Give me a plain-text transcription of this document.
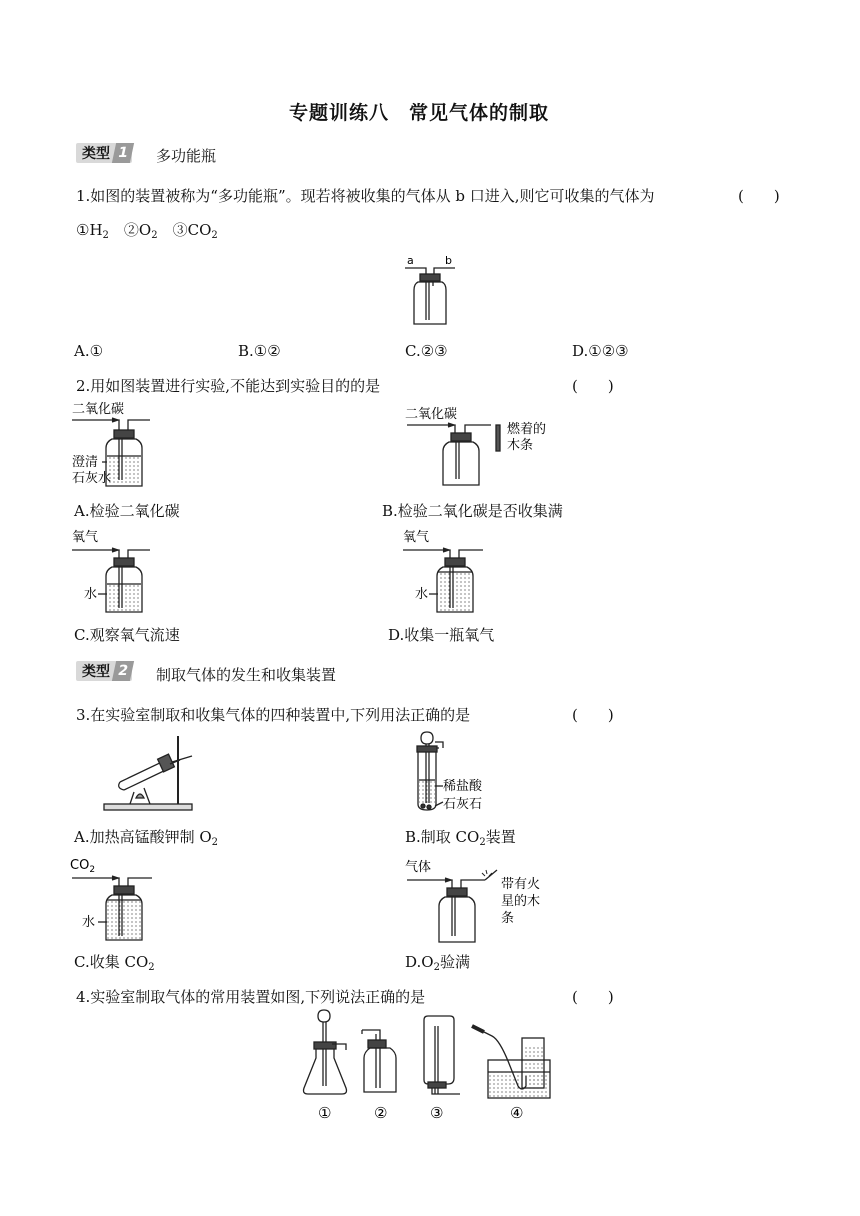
专题训练八　常见气体的制取
类型 1	多功能瓶
1.如图的装置被称为“多功能瓶”。现若将被收集的气体从 b 口进入,则它可收集的气体为	(　　)
$①H_2$　$②O_2$　$③CO_2$
a	b
A.①	B.①②	C.②③	D.①②③
2.用如图装置进行实验,不能达到实验目的的是	(　　)
二氧化碳
澄清
石灰水
A.检验二氧化碳
二氧化碳
燃着的
木条
B.检验二氧化碳是否收集满
氧气
水
C.观察氧气流速
氧气
水
D.收集一瓶氧气
类型 2	制取气体的发生和收集装置
3.在实验室制取和收集气体的四种装置中,下列用法正确的是	(　　)
A.加热高锰酸钾制 $O_2$
稀盐酸
石灰石
B.制取 $CO_2$装置
$CO_2$
水
C.收集 $CO_2$
气体
带有火
星的木
条
$D.O_2$验满
4.实验室制取气体的常用装置如图,下列说法正确的是	(　　)
①	②	③	④
